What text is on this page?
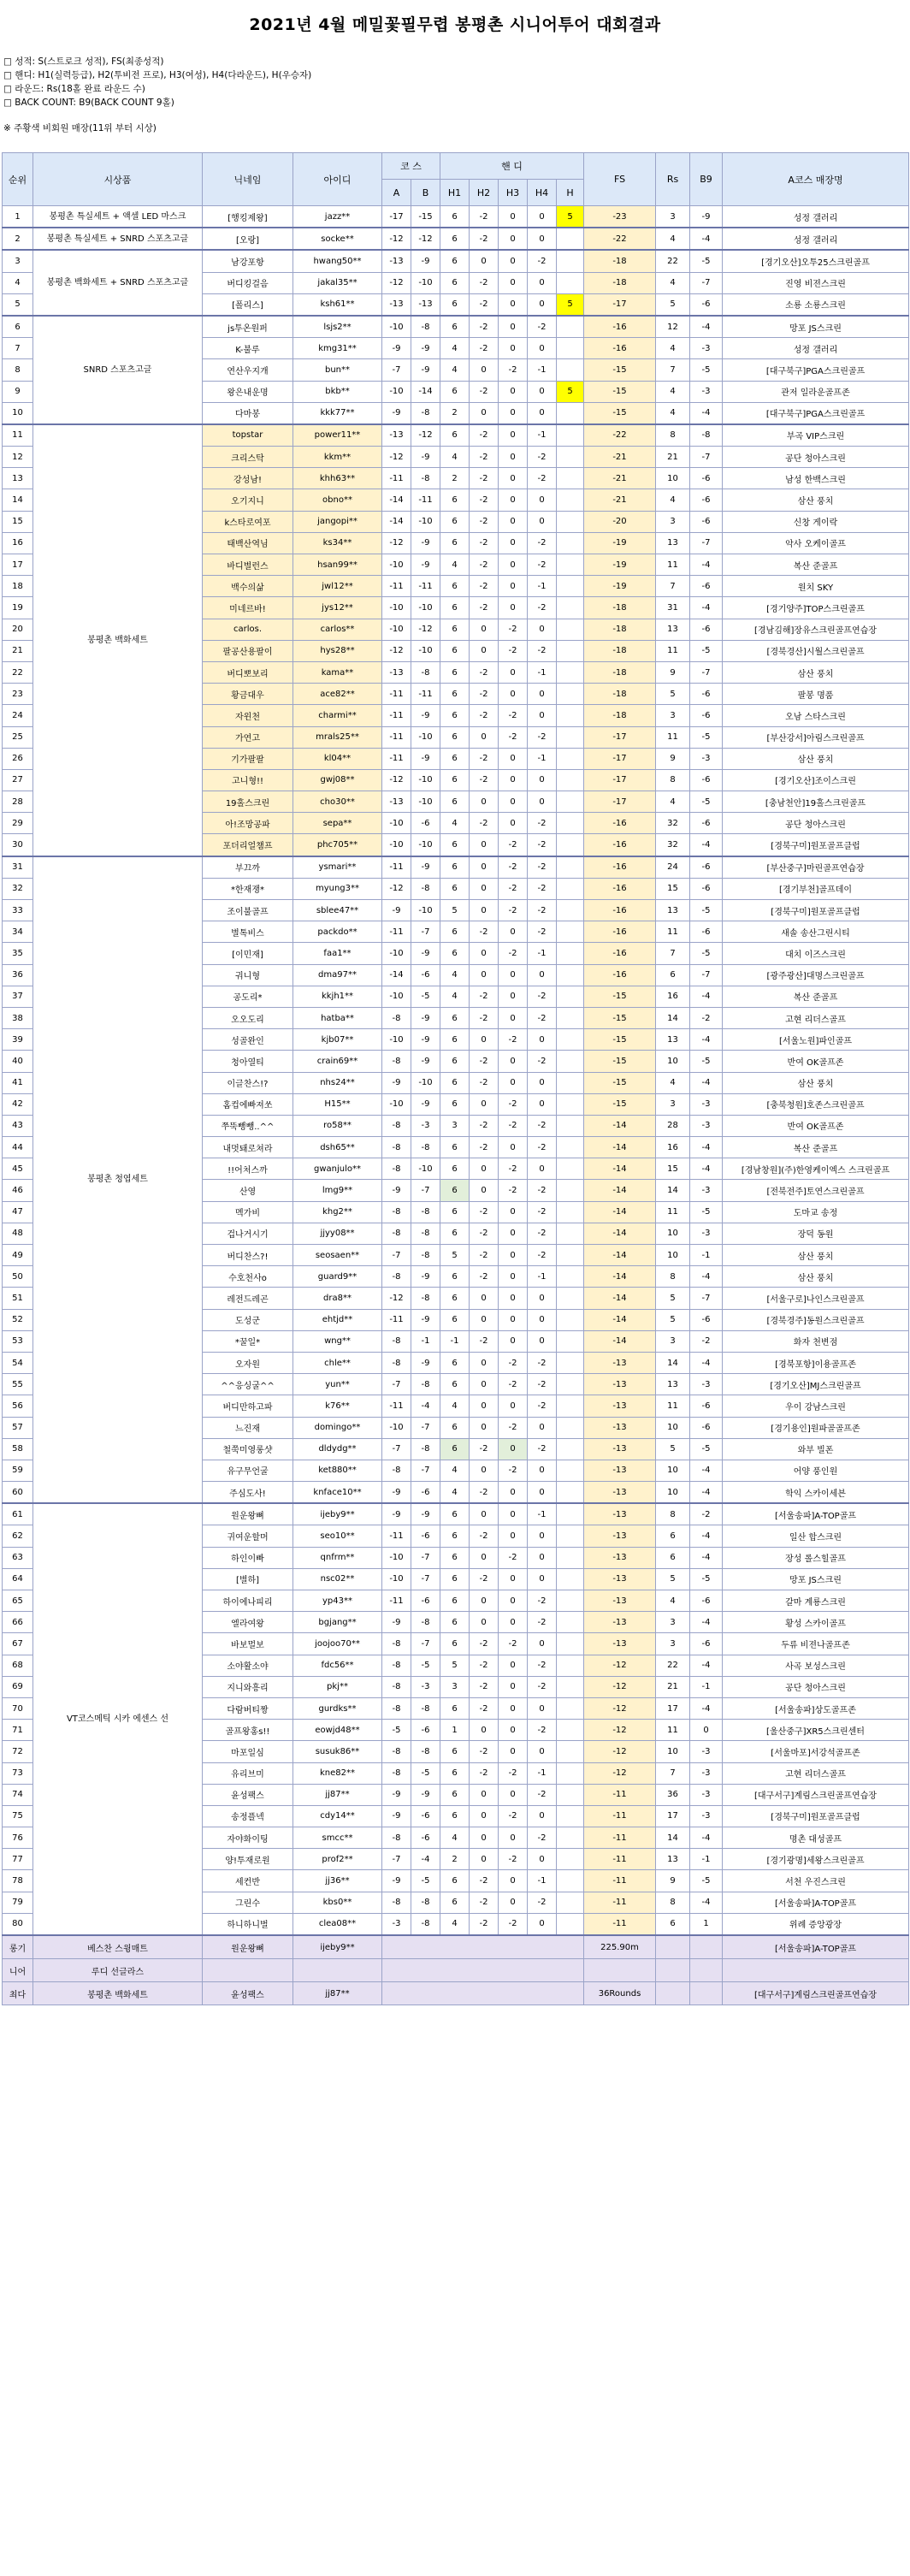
2021년 4월 메밀꽃필무렵 봉평촌 시니어투어 대회결과
□ 성적: S(스트로크 성적), FS(최종성적)
□ 핸디: H1(실력등급), H2(투비전 프로), H3(여성), H4(다라운드), H(우승자)
□ 라운드: Rs(18홀 완료 라운드 수)
□ BACK COUNT: B9(BACK COUNT 9홀)
※ 주황색 비회원 매장(11위 부터 시상)
순위	시상품	닉네임	아이디	코 스		핸 디					FS	Rs	B9	A코스 매장명
				A	B	H1	H2	H3	H4	H				
1	봉평촌 특실세트 + 액셀 LED 마스크	[행킹제왕]	jazz**	-17	-15	6	-2	0	0	5	-23	3	-9	성정 갤러리
2	봉평촌 특실세트 + SNRD 스포츠고글	[오랑]	socke**	-12	-12	6	-2	0	0		-22	4	-4	성정 갤러리
3	봉평촌 백화세트 + SNRD 스포츠고글	남강포항	hwang50**	-13	-9	6	0	0	-2		-18	22	-5	[경기오산]오투25스크린골프
4		버디킹걸음	jakal35**	-12	-10	6	-2	0	0		-18	4	-7	진영 비젼스크린
5		[폴리스]	ksh61**	-13	-13	6	-2	0	0	5	-17	5	-6	소룡 소룡스크린
6	SNRD 스포츠고글	js투온원퍼	lsjs2**	-10	-8	6	-2	0	-2		-16	12	-4	망포 JS스크린
7		K-불루	kmg31**	-9	-9	4	-2	0	0		-16	4	-3	성정 갤러리
8		연산우지개	bun**	-7	-9	4	0	-2	-1		-15	7	-5	[대구북구]PGA스크린골프
9		왕은내운명	bkb**	-10	-14	6	-2	0	0	5	-15	4	-3	관저 일라운골프존
10		다마봉	kkk77**	-9	-8	2	0	0	0		-15	4	-4	[대구북구]PGA스크린골프
11	봉평촌 백화세트	topstar	power11**	-13	-12	6	-2	0	-1		-22	8	-8	부곡 VIP스크린
12		크리스탁	kkm**	-12	-9	4	-2	0	-2		-21	21	-7	공단 청아스크린
13		강성남!	khh63**	-11	-8	2	-2	0	-2		-21	10	-6	남성 한백스크린
14		오기지니	obno**	-14	-11	6	-2	0	0		-21	4	-6	삼산 풍치
15		k스타로여포	jangopi**	-14	-10	6	-2	0	0		-20	3	-6	신창 게이락
16		태백산역님	ks34**	-12	-9	6	-2	0	-2		-19	13	-7	악사 오케이골프
17		바디별런스	hsan99**	-10	-9	4	-2	0	-2		-19	11	-4	복산 준골프
18		백수의삶	jwl12**	-11	-11	6	-2	0	-1		-19	7	-6	원치 SKY
19		미네르바!	jys12**	-10	-10	6	-2	0	-2		-18	31	-4	[경기양주]TOP스크린골프
20		carlos.	carlos**	-10	-12	6	0	-2	0		-18	13	-6	[경남김해]장유스크린골프연습장
21		팔공산용팔이	hys28**	-12	-10	6	0	-2	-2		-18	11	-5	[경북경산]시월스크린골프
22		버디뽀보리	kama**	-13	-8	6	-2	0	-1		-18	9	-7	삼산 풍치
23		황금대우	ace82**	-11	-11	6	-2	0	0		-18	5	-6	팔봉 명품
24		자윈천	charmi**	-11	-9	6	-2	-2	0		-18	3	-6	오남 스타스크린
25		가연고	mrals25**	-11	-10	6	0	-2	-2		-17	11	-5	[부산강서]아림스크린골프
26		기가팔팔	kl04**	-11	-9	6	-2	0	-1		-17	9	-3	삼산 풍치
27		고니형!!	gwj08**	-12	-10	6	-2	0	0		-17	8	-6	[경기오산]조이스크린
28		19홀스크린	cho30**	-13	-10	6	0	0	0		-17	4	-5	[충남천안]19홀스크린골프
29		아!조망공파	sepa**	-10	-6	4	-2	0	-2		-16	32	-6	공단 청아스크린
30		포더리얼챔프	phc705**	-10	-10	6	0	-2	-2		-16	32	-4	[경북구미]원포골프클럽
31	봉평촌 청엽세트	부끄까	ysmari**	-11	-9	6	0	-2	-2		-16	24	-6	[부산중구]마린골프연습장
32		*한재쟁*	myung3**	-12	-8	6	0	-2	-2		-16	15	-6	[경기부천]골프데이
33		조이불골프	sblee47**	-9	-10	5	0	-2	-2		-16	13	-5	[경북구미]원포골프클럽
34		별톡비스	packdo**	-11	-7	6	-2	0	-2		-16	11	-6	새솔 송산그린시티
35		[이민재]	faa1**	-10	-9	6	0	-2	-1		-16	7	-5	대치 이즈스크린
36		궈니형	dma97**	-14	-6	4	0	0	0		-16	6	-7	[광주광산]대명스크린골프
37		공도리*	kkjh1**	-10	-5	4	-2	0	-2		-15	16	-4	복산 준골프
38		오오도리	hatba**	-8	-9	6	-2	0	-2		-15	14	-2	고현 리더스골프
39		성골완인	kjb07**	-10	-9	6	0	-2	0		-15	13	-4	[서울노원]파인골프
40		청아열티	crain69**	-8	-9	6	-2	0	-2		-15	10	-5	반여 OK골프존
41		이글찬스!?	nhs24**	-9	-10	6	-2	0	0		-15	4	-4	삼산 풍치
42		홈컵에빠져쏘	H15**	-10	-9	6	0	-2	0		-15	3	-3	[충북청원]호존스크린골프
43		쭈뚝뺑뺑..^^	ro58**	-8	-3	3	-2	-2	-2		-14	28	-3	반여 OK골프존
44		내멋돼로쳐라	dsh65**	-8	-8	6	-2	0	-2		-14	16	-4	복산 준골프
45		!!어처스까	gwanjulo**	-8	-10	6	0	-2	0		-14	15	-4	[경남창원](주)한영케이엑스 스크린골프
46		산영	lmg9**	-9	-7	6	0	-2	-2		-14	14	-3	[전북전주]토연스크린골프
47		멕가비	khg2**	-8	-8	6	-2	0	-2		-14	11	-5	도마교 송정
48		겁나거시기	jjyy08**	-8	-8	6	-2	0	-2		-14	10	-3	장덕 동원
49		버디찬스?!	seosaen**	-7	-8	5	-2	0	-2		-14	10	-1	삼산 풍치
50		수호천사o	guard9**	-8	-9	6	-2	0	-1		-14	8	-4	삼산 풍치
51		레전드레곤	dra8**	-12	-8	6	0	0	0		-14	5	-7	[서울구로]나인스크린골프
52		도성군	ehtjd**	-11	-9	6	0	0	0		-14	5	-6	[경북경주]동원스크린골프
53		*꿀일*	wng**	-8	-1	-1	-2	0	0		-14	3	-2	화자 천변점
54		오자원	chle**	-8	-9	6	0	-2	-2		-13	14	-4	[경북포항]이용골프존
55		^^응싱굴^^	yun**	-7	-8	6	0	-2	-2		-13	13	-3	[경기오산]MJ스크린골프
56		버디만하고파	k76**	-11	-4	4	0	0	-2		-13	11	-6	우이 강남스크린
57		느진재	domingo**	-10	-7	6	0	-2	0		-13	10	-6	[경기용인]원파골골프존
58		철쭉미영롱샷	dldydg**	-7	-8	6	-2	0	-2		-13	5	-5	와부 빌폰
59		유구무언굴	ket880**	-8	-7	4	0	-2	0		-13	10	-4	어양 풍인원
60		주심도사!	knface10**	-9	-6	4	-2	0	0		-13	10	-4	학익 스카이세븐
61	VT코스메틱 시카 에센스 선	원운왕뼈	ijeby9**	-9	-9	6	0	0	-1		-13	8	-2	[서울송파]A-TOP골프
62		귀여운할머	seo10**	-11	-6	6	-2	0	0		-13	6	-4	일산 합스크린
63		하인이빠	qnfrm**	-10	-7	6	0	-2	0		-13	6	-4	장성 롤스힐골프
64		[별하]	nsc02**	-10	-7	6	-2	0	0		-13	5	-5	망포 JS스크린
65		하이에나피리	yp43**	-11	-6	6	0	0	-2		-13	4	-6	갈마 계룡스크린
66		엘라여왕	bgjang**	-9	-8	6	0	0	-2		-13	3	-4	황성 스카이골프
67		바보멀보	joojoo70**	-8	-7	6	-2	-2	0		-13	3	-6	두류 비젼나골프존
68		소야활소야	fdc56**	-8	-5	5	-2	0	-2		-12	22	-4	사곡 보성스크린
69		지니와흥리	pkj**	-8	-3	3	-2	0	-2		-12	21	-1	공단 청아스크린
70		다람버티짱	gurdks**	-8	-8	6	-2	0	0		-12	17	-4	[서울송파]상도골프존
71		골프왕홍s!!	eowjd48**	-5	-6	1	0	0	-2		-12	11	0	[울산중구]XR5스크린센터
72		마포일심	susuk86**	-8	-8	6	-2	0	0		-12	10	-3	[서울마포]서강석골프존
73		유리브미	kne82**	-8	-5	6	-2	-2	-1		-12	7	-3	고현 리더스골프
74		윤성팩스	jj87**	-9	-9	6	0	0	-2		-11	36	-3	[대구서구]계림스크린골프연습장
75		송정플넥	cdy14**	-9	-6	6	0	-2	0		-11	17	-3	[경북구미]원포골프클럽
76		자야화이팅	smcc**	-8	-6	4	0	0	-2		-11	14	-4	명촌 대성골프
77		양!투재로원	prof2**	-7	-4	2	0	-2	0		-11	13	-1	[경기광명]세왕스크린골프
78		세컨반	jj36**	-9	-5	6	-2	0	-1		-11	9	-5	서천 우진스크린
79		그린수	kbs0**	-8	-8	6	-2	0	-2		-11	8	-4	[서울송파]A-TOP골프
80		하니하니벌	clea08**	-3	-8	4	-2	-2	0		-11	6	1	위례 증앙광장
롱기	베스찬 스윙매트	원운왕뼈	ijeby9**								225.90m			[서울송파]A-TOP골프
니어	루디 선글라스													
최다	봉평촌 백화세트	윤성팩스	jj87**								36Rounds			[대구서구]계림스크린골프연습장
